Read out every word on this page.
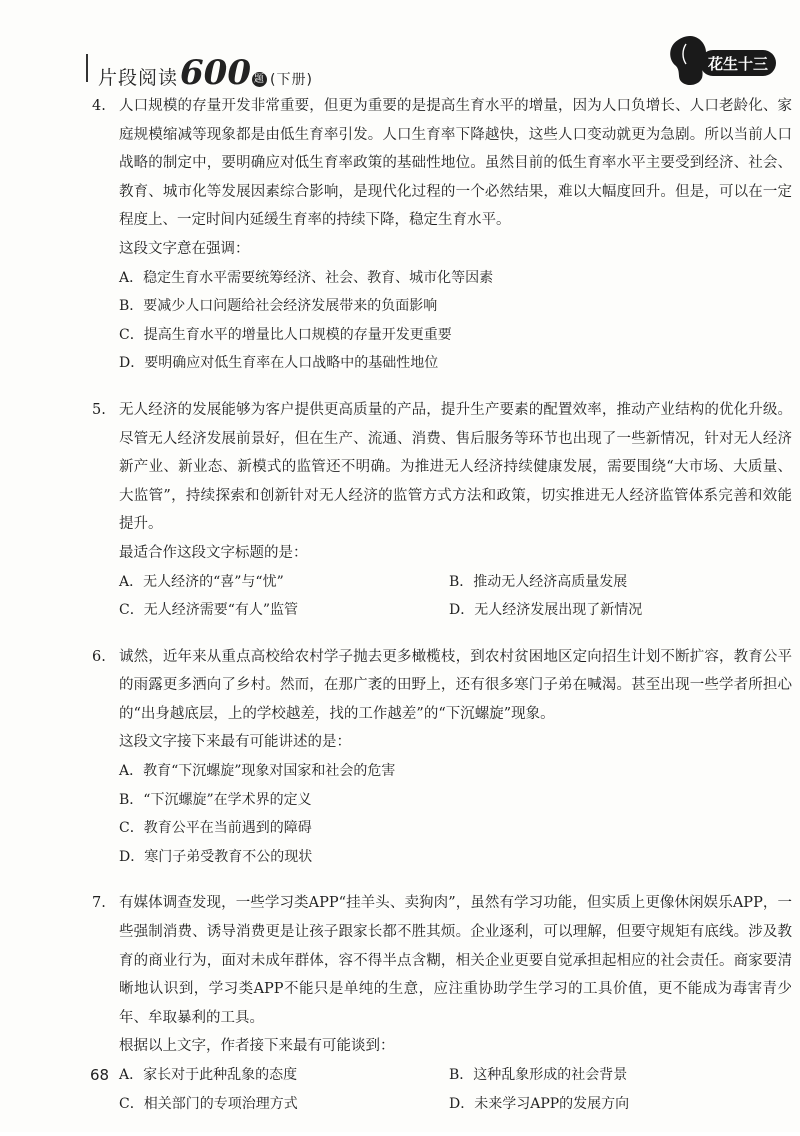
片段阅读 600 题 (下册)
花生十三

4. 人口规模的存量开发非常重要，但更为重要的是提高生育水平的增量，因为人口负增长、人口老龄化、家庭规模缩减等现象都是由低生育率引发。人口生育率下降越快，这些人口变动就更为急剧。所以当前人口战略的制定中，要明确应对低生育率政策的基础性地位。虽然目前的低生育率水平主要受到经济、社会、教育、城市化等发展因素综合影响，是现代化过程的一个必然结果，难以大幅度回升。但是，可以在一定程度上、一定时间内延缓生育率的持续下降，稳定生育水平。

这段文字意在强调：

A．稳定生育水平需要统筹经济、社会、教育、城市化等因素
B．要减少人口问题给社会经济发展带来的负面影响
C．提高生育水平的增量比人口规模的存量开发更重要
D．要明确应对低生育率在人口战略中的基础性地位

5. 无人经济的发展能够为客户提供更高质量的产品，提升生产要素的配置效率，推动产业结构的优化升级。尽管无人经济发展前景好，但在生产、流通、消费、售后服务等环节也出现了一些新情况，针对无人经济新产业、新业态、新模式的监管还不明确。为推进无人经济持续健康发展，需要围绕“大市场、大质量、大监管”，持续探索和创新针对无人经济的监管方式方法和政策，切实推进无人经济监管体系完善和效能提升。

最适合作这段文字标题的是：

A．无人经济的“喜”与“忧”	B．推动无人经济高质量发展
C．无人经济需要“有人”监管	D．无人经济发展出现了新情况

6. 诚然，近年来从重点高校给农村学子抛去更多橄榄枝，到农村贫困地区定向招生计划不断扩容，教育公平的雨露更多洒向了乡村。然而，在那广袤的田野上，还有很多寒门子弟在喊渴。甚至出现一些学者所担心的“出身越底层，上的学校越差，找的工作越差”的“下沉螺旋”现象。

这段文字接下来最有可能讲述的是：

A．教育“下沉螺旋”现象对国家和社会的危害
B．“下沉螺旋”在学术界的定义
C．教育公平在当前遇到的障碍
D．寒门子弟受教育不公的现状

7. 有媒体调查发现，一些学习类APP“挂羊头、卖狗肉”，虽然有学习功能，但实质上更像休闲娱乐APP，一些强制消费、诱导消费更是让孩子跟家长都不胜其烦。企业逐利，可以理解，但要守规矩有底线。涉及教育的商业行为，面对未成年群体，容不得半点含糊，相关企业更要自觉承担起相应的社会责任。商家要清晰地认识到，学习类APP不能只是单纯的生意，应注重协助学生学习的工具价值，更不能成为毒害青少年、牟取暴利的工具。

根据以上文字，作者接下来最有可能谈到：

A．家长对于此种乱象的态度	B．这种乱象形成的社会背景
C．相关部门的专项治理方式	D．未来学习APP的发展方向
68
